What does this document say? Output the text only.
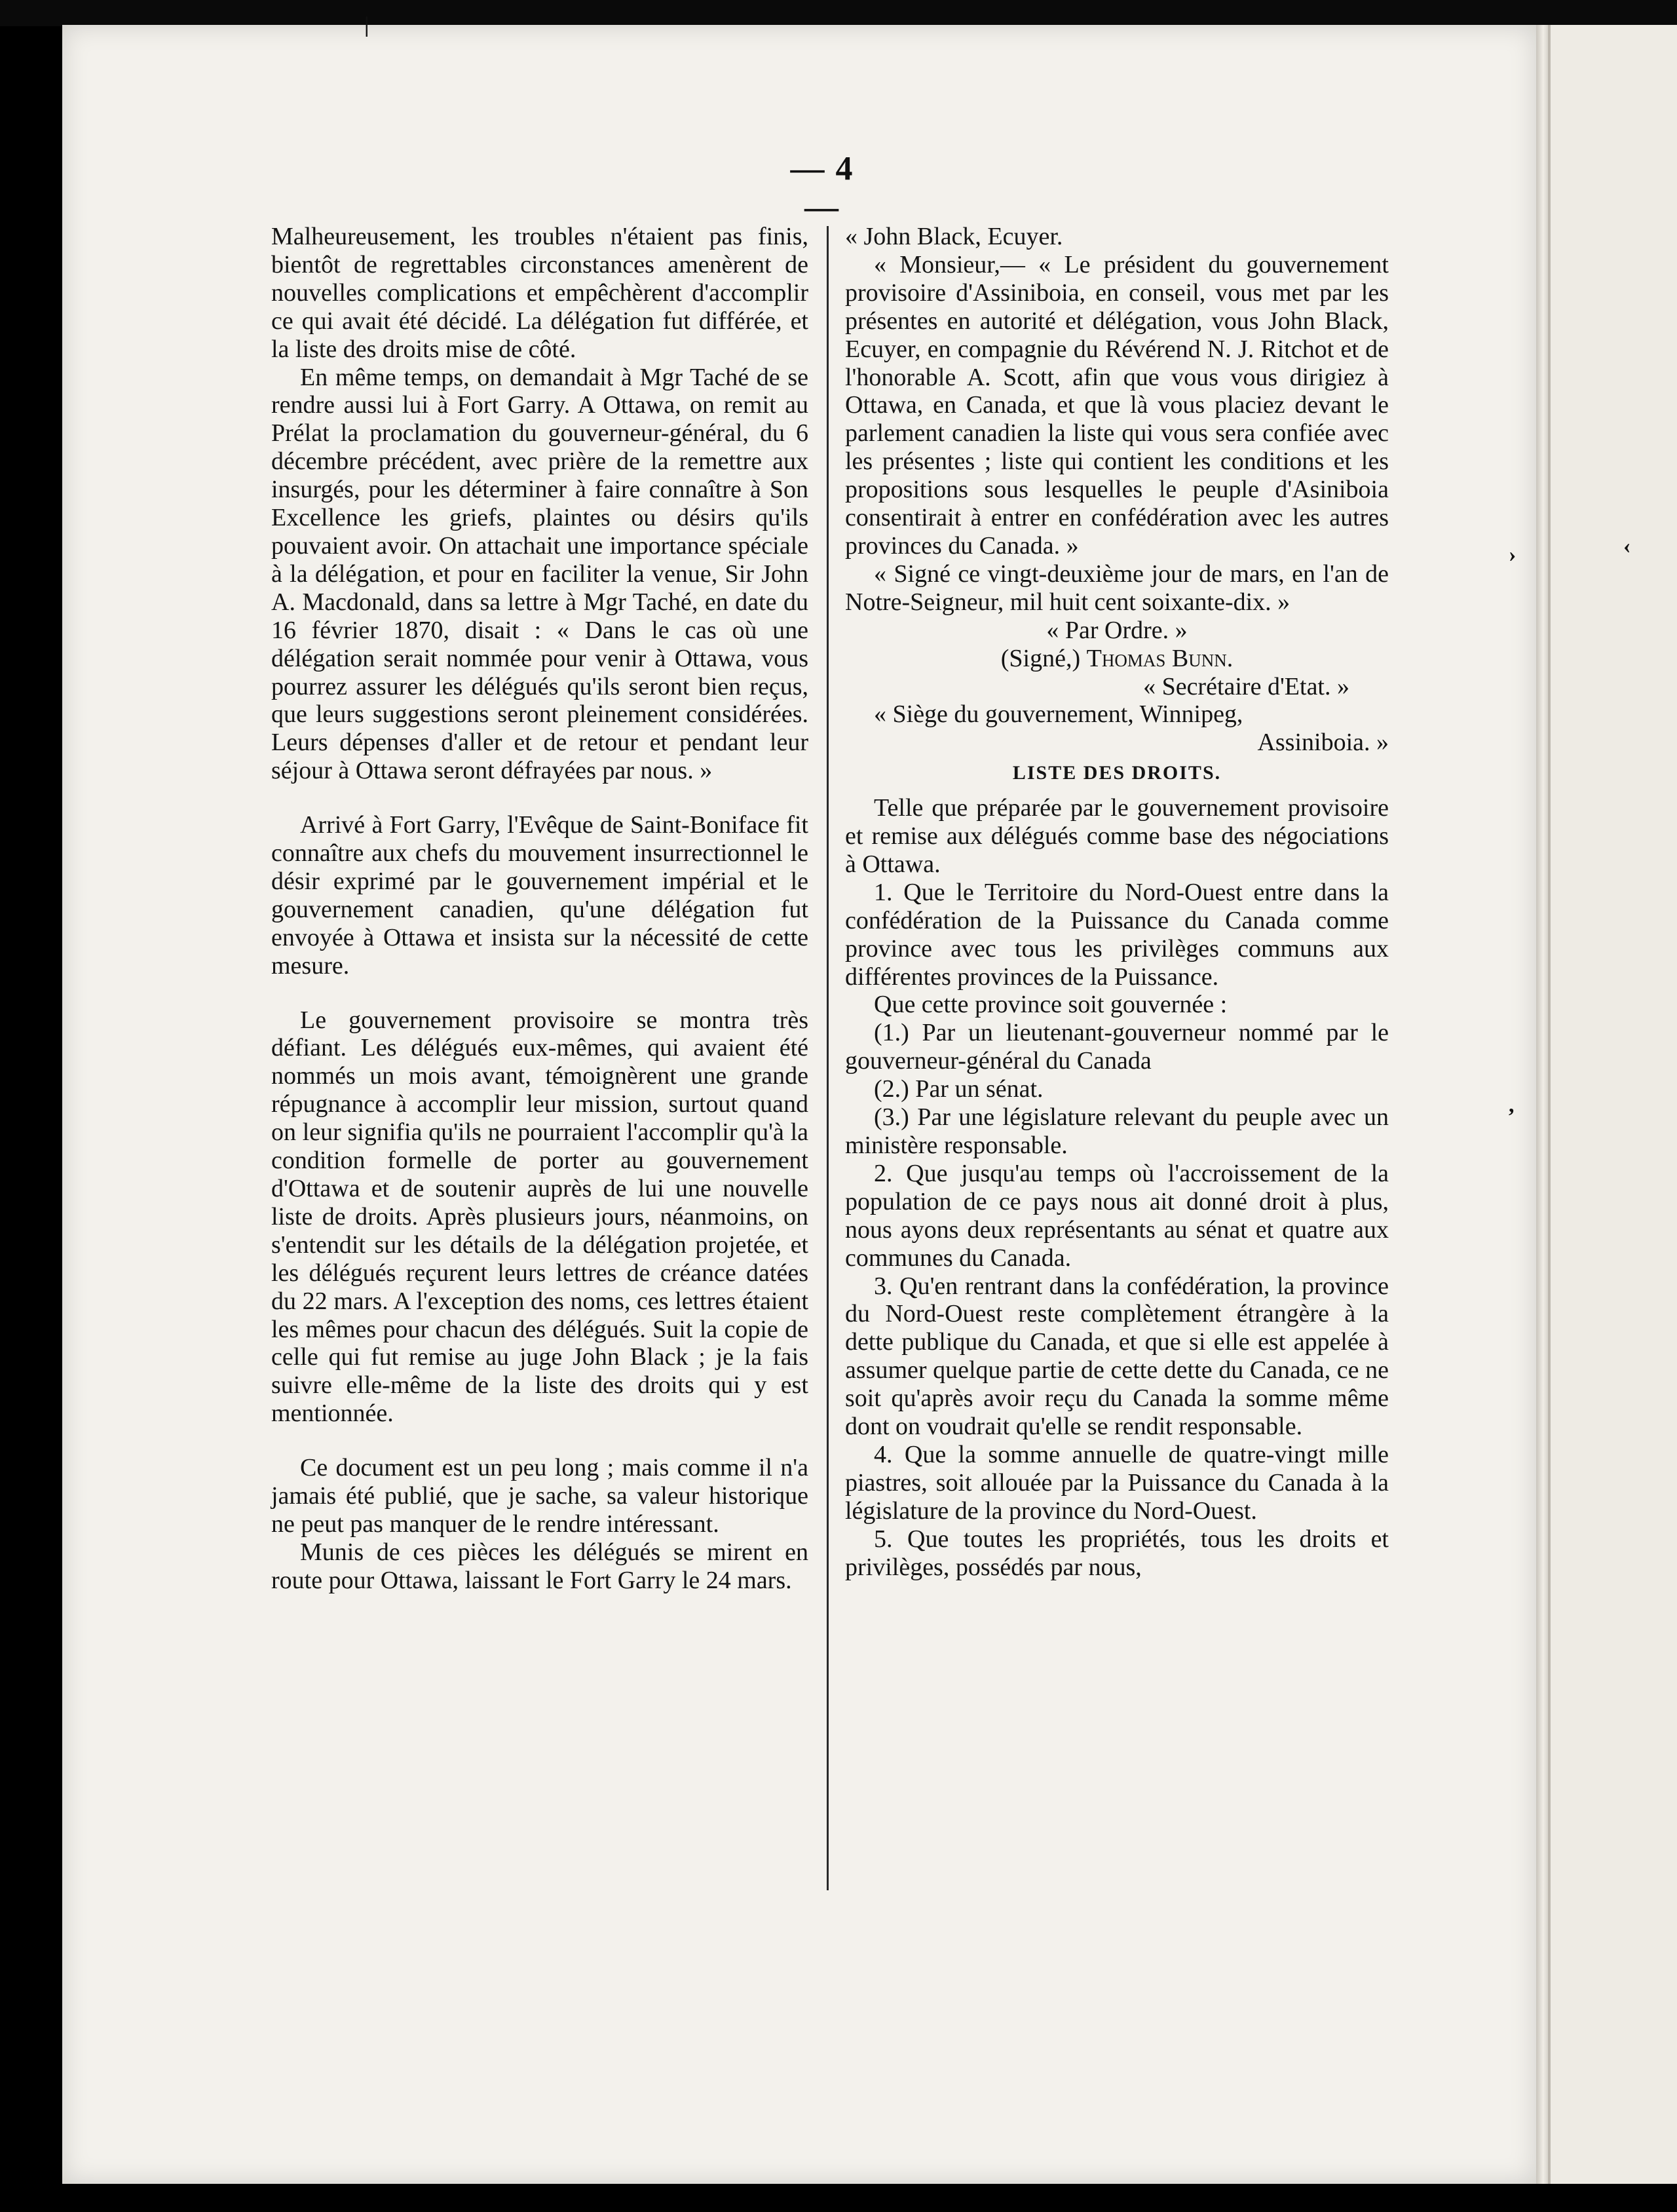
|
›	‹
,
— 4 —

Malheureusement, les troubles n'étaient pas finis, bientôt de regrettables circonstances amenèrent de nouvelles complications et empêchèrent d'accomplir ce qui avait été décidé. La délégation fut différée, et la liste des droits mise de côté.

En même temps, on demandait à Mgr Taché de se rendre aussi lui à Fort Garry. A Ottawa, on remit au Prélat la proclamation du gouverneur-général, du 6 décembre précédent, avec prière de la remettre aux insurgés, pour les déterminer à faire connaître à Son Excellence les griefs, plaintes ou désirs qu'ils pouvaient avoir. On attachait une importance spéciale à la délégation, et pour en faciliter la venue, Sir John A. Macdonald, dans sa lettre à Mgr Taché, en date du 16 février 1870, disait : « Dans le cas où une délégation serait nommée pour venir à Ottawa, vous pourrez assurer les délégués qu'ils seront bien reçus, que leurs suggestions seront pleinement considérées. Leurs dépenses d'aller et de retour et pendant leur séjour à Ottawa seront défrayées par nous. »

Arrivé à Fort Garry, l'Evêque de Saint-Boniface fit connaître aux chefs du mouvement insurrectionnel le désir exprimé par le gouvernement impérial et le gouvernement canadien, qu'une délégation fut envoyée à Ottawa et insista sur la nécessité de cette mesure.

Le gouvernement provisoire se montra très défiant. Les délégués eux-mêmes, qui avaient été nommés un mois avant, témoignèrent une grande répugnance à accomplir leur mission, surtout quand on leur signifia qu'ils ne pourraient l'accomplir qu'à la condition formelle de porter au gouvernement d'Ottawa et de soutenir auprès de lui une nouvelle liste de droits. Après plusieurs jours, néanmoins, on s'entendit sur les détails de la délégation projetée, et les délégués reçurent leurs lettres de créance datées du 22 mars. A l'exception des noms, ces lettres étaient les mêmes pour chacun des délégués. Suit la copie de celle qui fut remise au juge John Black ; je la fais suivre elle-même de la liste des droits qui y est mentionnée.

Ce document est un peu long ; mais comme il n'a jamais été publié, que je sache, sa valeur historique ne peut pas manquer de le rendre intéressant.

Munis de ces pièces les délégués se mirent en route pour Ottawa, laissant le Fort Garry le 24 mars.

« John Black, Ecuyer.

« Monsieur,— « Le président du gouvernement provisoire d'Assiniboia, en conseil, vous met par les présentes en autorité et délégation, vous John Black, Ecuyer, en compagnie du Révérend N. J. Ritchot et de l'honorable A. Scott, afin que vous vous dirigiez à Ottawa, en Canada, et que là vous placiez devant le parlement canadien la liste qui vous sera confiée avec les présentes ; liste qui contient les conditions et les propositions sous lesquelles le peuple d'Asiniboia consentirait à entrer en confédération avec les autres provinces du Canada. »

« Signé ce vingt-deuxième jour de mars, en l'an de Notre-Seigneur, mil huit cent soixante-dix. »

« Par Ordre. »

(Signé,) Thomas Bunn.

« Secrétaire d'Etat. »

« Siège du gouvernement, Winnipeg,

Assiniboia. »

LISTE DES DROITS.

Telle que préparée par le gouvernement provisoire et remise aux délégués comme base des négociations à Ottawa.

1. Que le Territoire du Nord-Ouest entre dans la confédération de la Puissance du Canada comme province avec tous les privilèges communs aux différentes provinces de la Puissance.

Que cette province soit gouvernée :

(1.) Par un lieutenant-gouverneur nommé par le gouverneur-général du Canada

(2.) Par un sénat.

(3.) Par une législature relevant du peuple avec un ministère responsable.

2. Que jusqu'au temps où l'accroissement de la population de ce pays nous ait donné droit à plus, nous ayons deux représentants au sénat et quatre aux communes du Canada.

3. Qu'en rentrant dans la confédération, la province du Nord-Ouest reste complètement étrangère à la dette publique du Canada, et que si elle est appelée à assumer quelque partie de cette dette du Canada, ce ne soit qu'après avoir reçu du Canada la somme même dont on voudrait qu'elle se rendit responsable.

4. Que la somme annuelle de quatre-vingt mille piastres, soit allouée par la Puissance du Canada à la législature de la province du Nord-Ouest.

5. Que toutes les propriétés, tous les droits et privilèges, possédés par nous,
